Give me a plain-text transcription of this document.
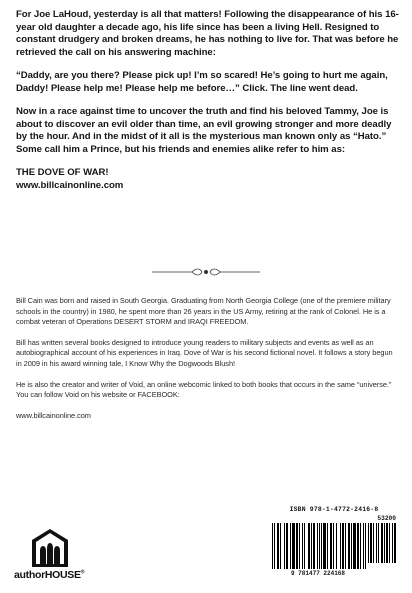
For Joe LaHoud, yesterday is all that matters! Following the disappearance of his 16-year old daughter a decade ago, his life since has been a living Hell. Resigned to constant drudgery and broken dreams, he has nothing to live for. That was before he retrieved the call on his answering machine:

“Daddy, are you there? Please pick up! I’m so scared! He’s going to hurt me again, Daddy! Please help me! Please help me before…” Click. The line went dead.

Now in a race against time to uncover the truth and find his beloved Tammy, Joe is about to discover an evil older than time, an evil growing stronger and more deadly by the hour. And in the midst of it all is the mysterious man known only as “Hato.” Some call him a Prince, but his friends and enemies alike refer to him as:

THE DOVE OF WAR!

www.billcainonline.com

Bill Cain was born and raised in South Georgia. Graduating from North Georgia College (one of the premiere military schools in the country) in 1980, he spent more than 26 years in the US Army, retiring at the rank of Colonel. He is a combat veteran of Operations DESERT STORM and IRAQI FREEDOM.

Bill has written several books designed to introduce young readers to military subjects and events as well as an autobiographical account of his experiences in Iraq. Dove of War is his second fictional novel. It follows a story begun in 2009 in his award winning tale, I Know Why the Dogwoods Blush!

He is also the creator and writer of Void, an online webcomic linked to both books that occurs in the same “universe.” You can follow Void on his website or FACEBOOK:

www.billcainonline.com

authorHOUSE®
ISBN 978-1-4772-2416-8
53200
9 781477 224168
